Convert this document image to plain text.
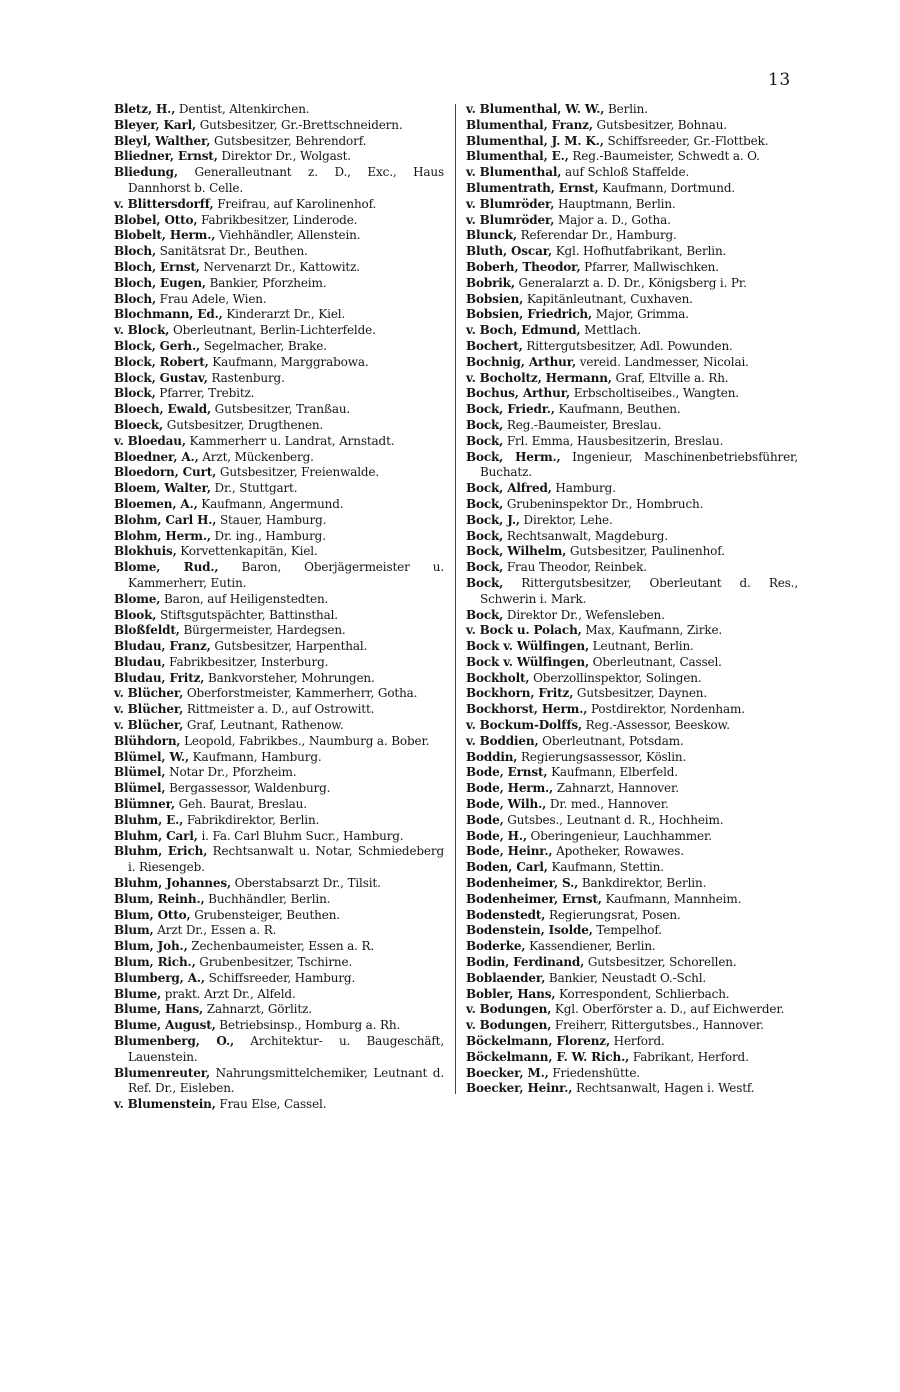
13
Bletz, H., Dentist, Altenkirchen.
Bleyer, Karl, Gutsbesitzer, Gr.-Brettschneidern.
Bleyl, Walther, Gutsbesitzer, Behrendorf.
Bliedner, Ernst, Direktor Dr., Wolgast.
Bliedung, Generalleutnant z. D., Exc., Haus Dannhorst b. Celle.
v. Blittersdorff, Freifrau, auf Karolinenhof.
Blobel, Otto, Fabrikbesitzer, Linderode.
Blobelt, Herm., Viehhändler, Allenstein.
Bloch, Sanitätsrat Dr., Beuthen.
Bloch, Ernst, Nervenarzt Dr., Kattowitz.
Bloch, Eugen, Bankier, Pforzheim.
Bloch, Frau Adele, Wien.
Blochmann, Ed., Kinderarzt Dr., Kiel.
v. Block, Oberleutnant, Berlin-Lichterfelde.
Block, Gerh., Segelmacher, Brake.
Block, Robert, Kaufmann, Marggrabowa.
Block, Gustav, Rastenburg.
Block, Pfarrer, Trebitz.
Bloech, Ewald, Gutsbesitzer, Tranßau.
Bloeck, Gutsbesitzer, Drugthenen.
v. Bloedau, Kammerherr u. Landrat, Arnstadt.
Bloedner, A., Arzt, Mückenberg.
Bloedorn, Curt, Gutsbesitzer, Freienwalde.
Bloem, Walter, Dr., Stuttgart.
Bloemen, A., Kaufmann, Angermund.
Blohm, Carl H., Stauer, Hamburg.
Blohm, Herm., Dr. ing., Hamburg.
Blokhuis, Korvettenkapitän, Kiel.
Blome, Rud., Baron, Oberjägermeister u. Kammerherr, Eutin.
Blome, Baron, auf Heiligenstedten.
Blook, Stiftsgutspächter, Battinsthal.
Bloßfeldt, Bürgermeister, Hardegsen.
Bludau, Franz, Gutsbesitzer, Harpenthal.
Bludau, Fabrikbesitzer, Insterburg.
Bludau, Fritz, Bankvorsteher, Mohrungen.
v. Blücher, Oberforstmeister, Kammerherr, Gotha.
v. Blücher, Rittmeister a. D., auf Ostrowitt.
v. Blücher, Graf, Leutnant, Rathenow.
Blühdorn, Leopold, Fabrikbes., Naumburg a. Bober.
Blümel, W., Kaufmann, Hamburg.
Blümel, Notar Dr., Pforzheim.
Blümel, Bergassessor, Waldenburg.
Blümner, Geh. Baurat, Breslau.
Bluhm, E., Fabrikdirektor, Berlin.
Bluhm, Carl, i. Fa. Carl Bluhm Sucr., Hamburg.
Bluhm, Erich, Rechtsanwalt u. Notar, Schmiedeberg i. Riesengeb.
Bluhm, Johannes, Oberstabsarzt Dr., Tilsit.
Blum, Reinh., Buchhändler, Berlin.
Blum, Otto, Grubensteiger, Beuthen.
Blum, Arzt Dr., Essen a. R.
Blum, Joh., Zechenbaumeister, Essen a. R.
Blum, Rich., Grubenbesitzer, Tschirne.
Blumberg, A., Schiffsreeder, Hamburg.
Blume, prakt. Arzt Dr., Alfeld.
Blume, Hans, Zahnarzt, Görlitz.
Blume, August, Betriebsinsp., Homburg a. Rh.
Blumenberg, O., Architektur- u. Baugeschäft, Lauenstein.
Blumenreuter, Nahrungsmittelchemiker, Leutnant d. Ref. Dr., Eisleben.
v. Blumenstein, Frau Else, Cassel.
v. Blumenthal, W. W., Berlin.
Blumenthal, Franz, Gutsbesitzer, Bohnau.
Blumenthal, J. M. K., Schiffsreeder, Gr.-Flottbek.
Blumenthal, E., Reg.-Baumeister, Schwedt a. O.
v. Blumenthal, auf Schloß Staffelde.
Blumentrath, Ernst, Kaufmann, Dortmund.
v. Blumröder, Hauptmann, Berlin.
v. Blumröder, Major a. D., Gotha.
Blunck, Referendar Dr., Hamburg.
Bluth, Oscar, Kgl. Hofhutfabrikant, Berlin.
Boberh, Theodor, Pfarrer, Mallwischken.
Bobrik, Generalarzt a. D. Dr., Königsberg i. Pr.
Bobsien, Kapitänleutnant, Cuxhaven.
Bobsien, Friedrich, Major, Grimma.
v. Boch, Edmund, Mettlach.
Bochert, Rittergutsbesitzer, Adl. Powunden.
Bochnig, Arthur, vereid. Landmesser, Nicolai.
v. Bocholtz, Hermann, Graf, Eltville a. Rh.
Bochus, Arthur, Erbscholtiseibes., Wangten.
Bock, Friedr., Kaufmann, Beuthen.
Bock, Reg.-Baumeister, Breslau.
Bock, Frl. Emma, Hausbesitzerin, Breslau.
Bock, Herm., Ingenieur, Maschinenbetriebsführer, Buchatz.
Bock, Alfred, Hamburg.
Bock, Grubeninspektor Dr., Hombruch.
Bock, J., Direktor, Lehe.
Bock, Rechtsanwalt, Magdeburg.
Bock, Wilhelm, Gutsbesitzer, Paulinenhof.
Bock, Frau Theodor, Reinbek.
Bock, Rittergutsbesitzer, Oberleutant d. Res., Schwerin i. Mark.
Bock, Direktor Dr., Wefensleben.
v. Bock u. Polach, Max, Kaufmann, Zirke.
Bock v. Wülfingen, Leutnant, Berlin.
Bock v. Wülfingen, Oberleutnant, Cassel.
Bockholt, Oberzollinspektor, Solingen.
Bockhorn, Fritz, Gutsbesitzer, Daynen.
Bockhorst, Herm., Postdirektor, Nordenham.
v. Bockum-Dolffs, Reg.-Assessor, Beeskow.
v. Boddien, Oberleutnant, Potsdam.
Boddin, Regierungsassessor, Köslin.
Bode, Ernst, Kaufmann, Elberfeld.
Bode, Herm., Zahnarzt, Hannover.
Bode, Wilh., Dr. med., Hannover.
Bode, Gutsbes., Leutnant d. R., Hochheim.
Bode, H., Oberingenieur, Lauchhammer.
Bode, Heinr., Apotheker, Rowawes.
Boden, Carl, Kaufmann, Stettin.
Bodenheimer, S., Bankdirektor, Berlin.
Bodenheimer, Ernst, Kaufmann, Mannheim.
Bodenstedt, Regierungsrat, Posen.
Bodenstein, Isolde, Tempelhof.
Boderke, Kassendiener, Berlin.
Bodin, Ferdinand, Gutsbesitzer, Schorellen.
Boblaender, Bankier, Neustadt O.-Schl.
Bobler, Hans, Korrespondent, Schlierbach.
v. Bodungen, Kgl. Oberförster a. D., auf Eichwerder.
v. Bodungen, Freiherr, Rittergutsbes., Hannover.
Böckelmann, Florenz, Herford.
Böckelmann, F. W. Rich., Fabrikant, Herford.
Boecker, M., Friedenshütte.
Boecker, Heinr., Rechtsanwalt, Hagen i. Westf.
